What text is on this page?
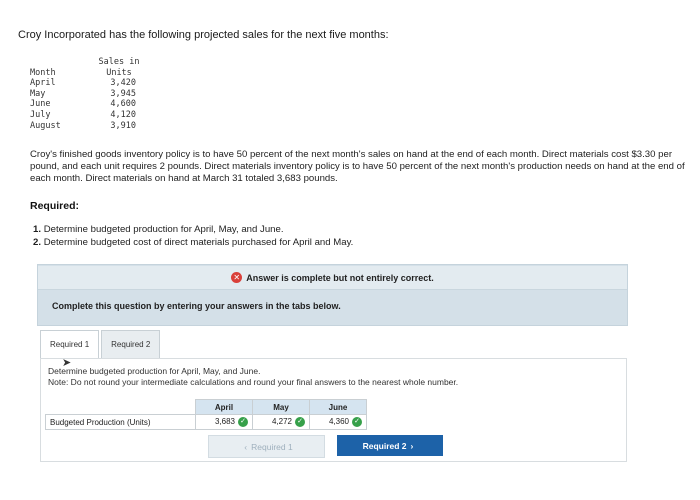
Croy Incorporated has the following projected sales for the next five months:
Sales in
Month	Units
April	3,420
May	3,945
June	4,600
July	4,120
August	3,910
Croy's finished goods inventory policy is to have 50 percent of the next month's sales on hand at the end of each month. Direct materials cost $3.30 per pound, and each unit requires 2 pounds. Direct materials inventory policy is to have 50 percent of the next month's production needs on hand at the end of each month. Direct materials on hand at March 31 totaled 3,683 pounds.
Required:
1. Determine budgeted production for April, May, and June.
2. Determine budgeted cost of direct materials purchased for April and May.
✕ Answer is complete but not entirely correct.
Complete this question by entering your answers in the tabs below.
Required 1	Required 2
Determine budgeted production for April, May, and June.
Note: Do not round your intermediate calculations and round your final answers to the nearest whole number.
	April	May	June
Budgeted Production (Units)	3,683 ✓	4,272 ✓	4,360 ✓
➤
‹ Required 1	Required 2 ›
